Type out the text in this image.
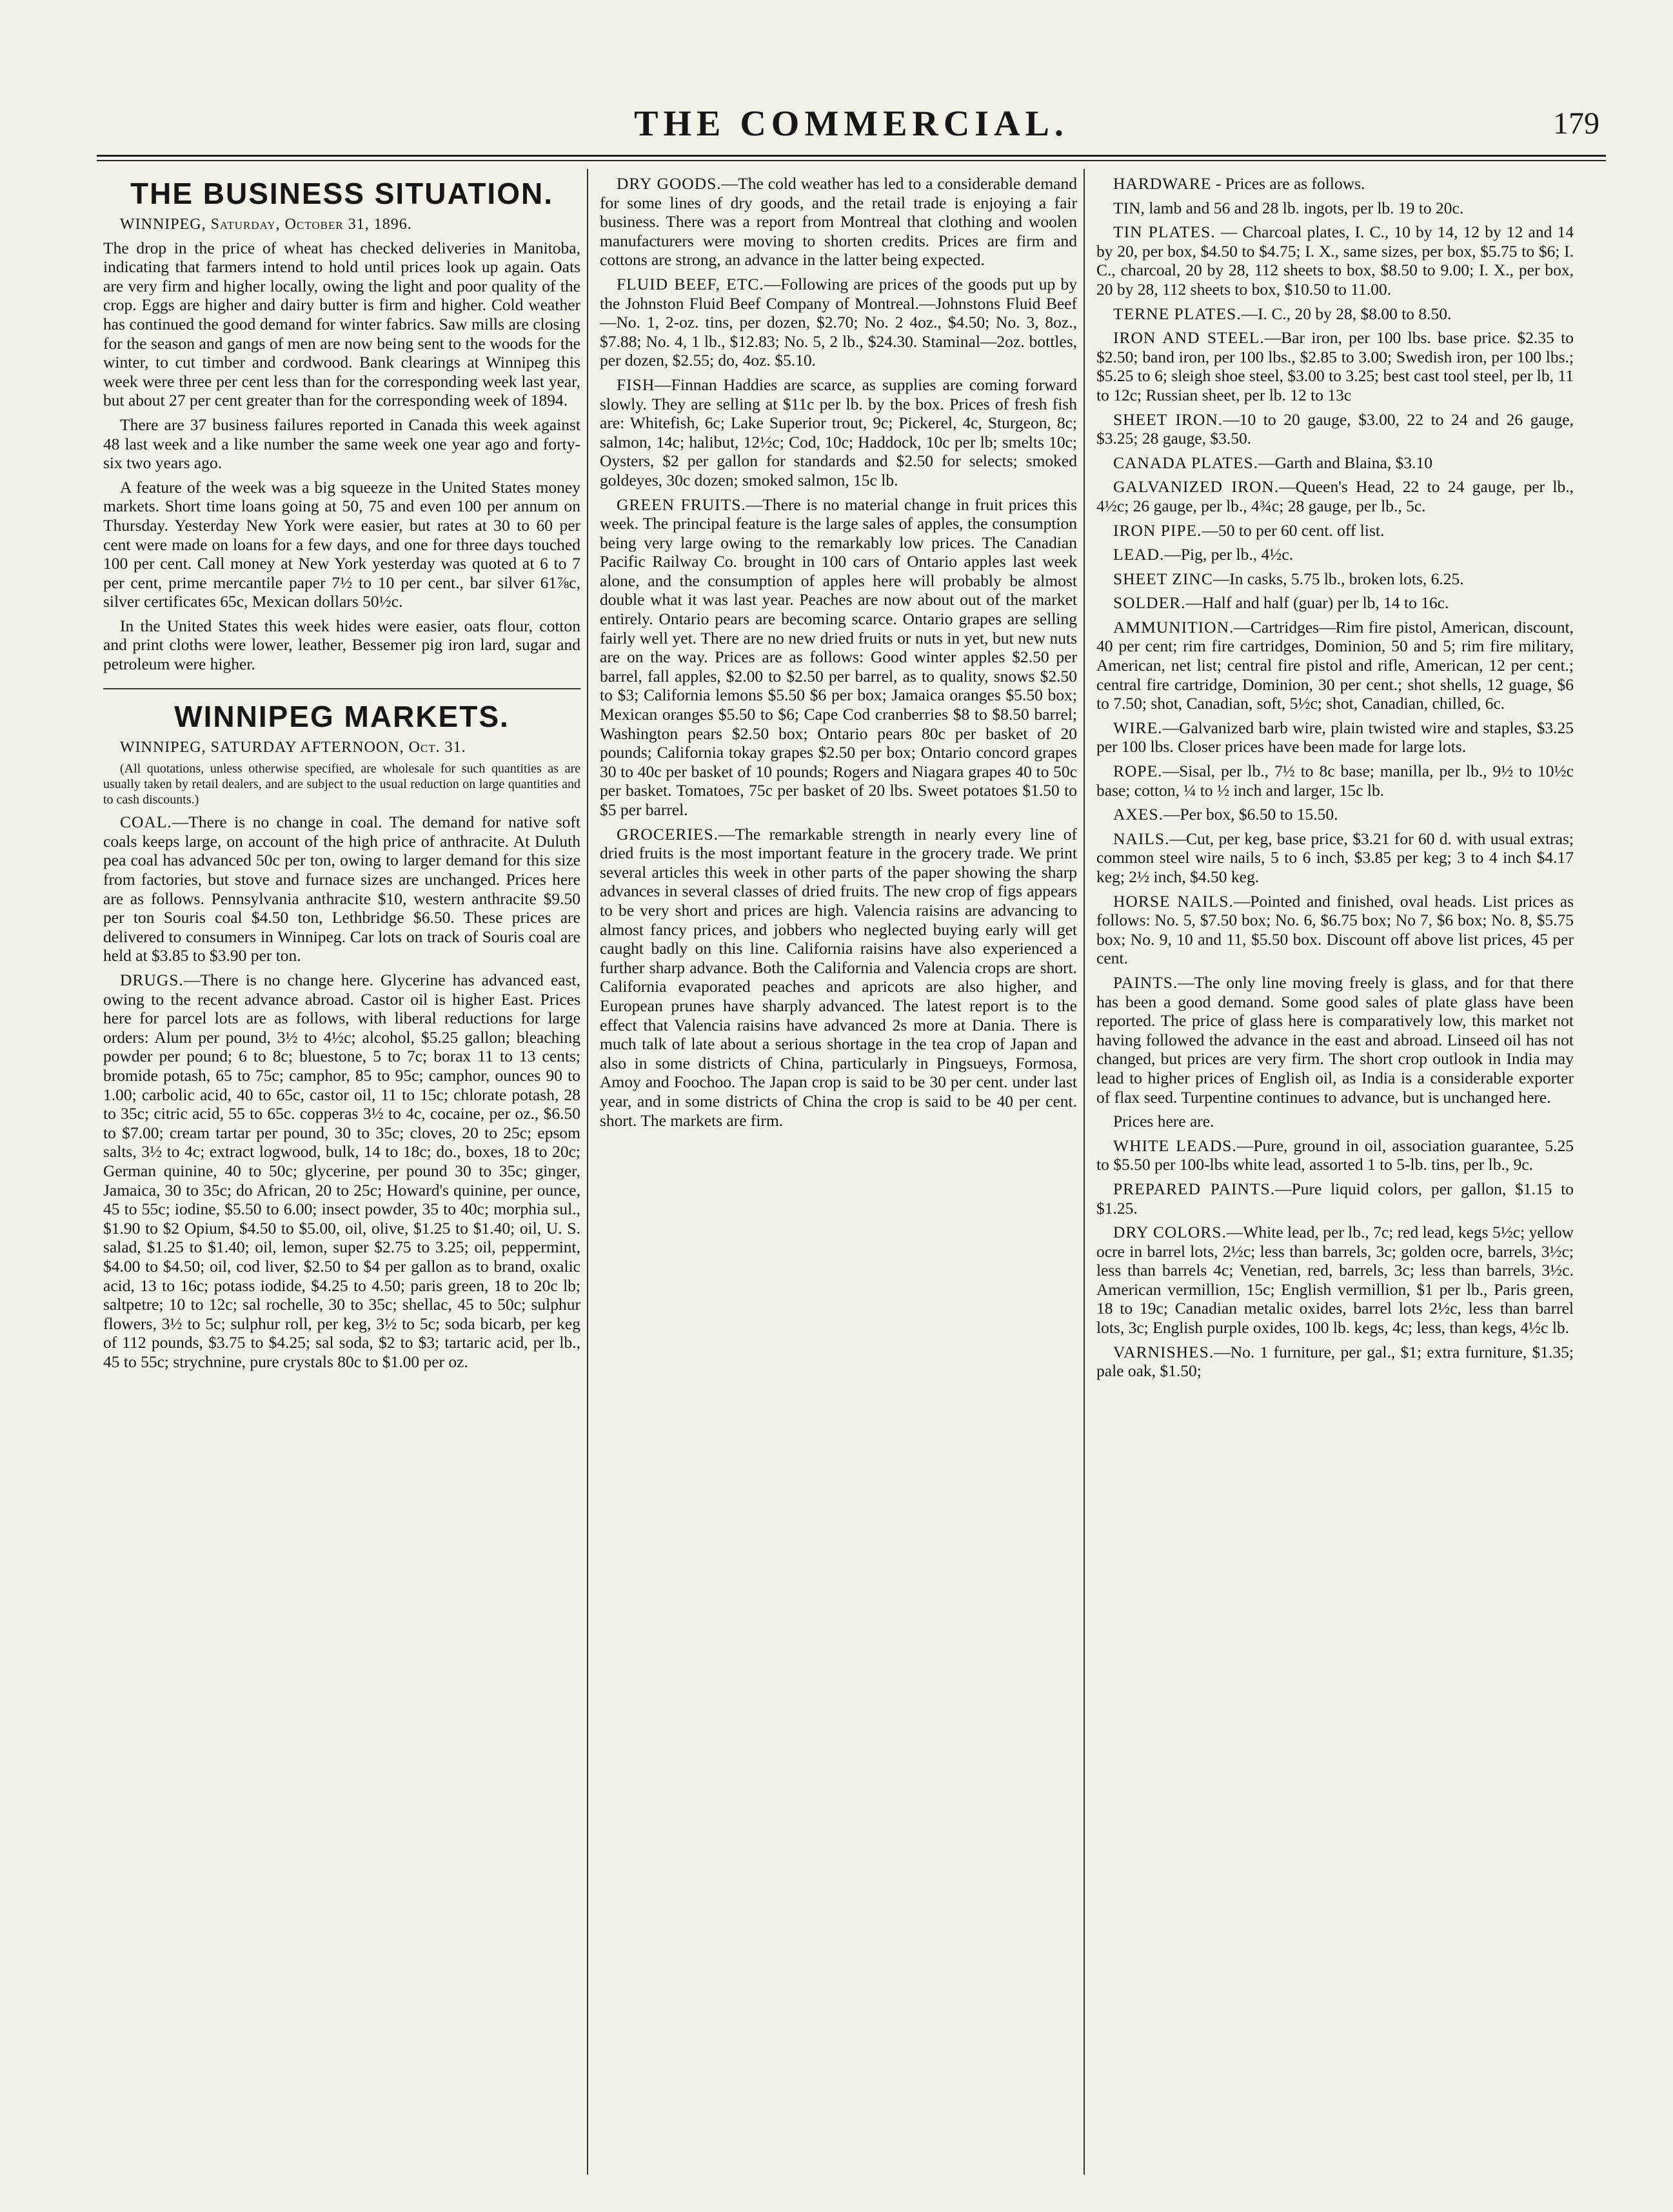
THE COMMERCIAL.	179
THE BUSINESS SITUATION.
WINNIPEG, Saturday, October 31, 1896.

The drop in the price of wheat has checked deliveries in Manitoba, indicating that farmers intend to hold until prices look up again. Oats are very firm and higher locally, owing the light and poor quality of the crop. Eggs are higher and dairy butter is firm and higher. Cold weather has continued the good demand for winter fabrics. Saw mills are closing for the season and gangs of men are now being sent to the woods for the winter, to cut timber and cordwood. Bank clearings at Winnipeg this week were three per cent less than for the corresponding week last year, but about 27 per cent greater than for the corresponding week of 1894.

There are 37 business failures reported in Canada this week against 48 last week and a like number the same week one year ago and forty-six two years ago.

A feature of the week was a big squeeze in the United States money markets. Short time loans going at 50, 75 and even 100 per annum on Thursday. Yesterday New York were easier, but rates at 30 to 60 per cent were made on loans for a few days, and one for three days touched 100 per cent. Call money at New York yesterday was quoted at 6 to 7 per cent, prime mercantile paper 7½ to 10 per cent., bar silver 61⅞c, silver certificates 65c, Mexican dollars 50½c.

In the United States this week hides were easier, oats flour, cotton and print cloths were lower, leather, Bessemer pig iron lard, sugar and petroleum were higher.

WINNIPEG MARKETS.
WINNIPEG, SATURDAY AFTERNOON, Oct. 31.

(All quotations, unless otherwise specified, are wholesale for such quantities as are usually taken by retail dealers, and are subject to the usual reduction on large quantities and to cash discounts.)

COAL.—There is no change in coal. The demand for native soft coals keeps large, on account of the high price of anthracite. At Duluth pea coal has advanced 50c per ton, owing to larger demand for this size from factories, but stove and furnace sizes are unchanged. Prices here are as follows. Pennsylvania anthracite $10, western anthracite $9.50 per ton Souris coal $4.50 ton, Lethbridge $6.50. These prices are delivered to consumers in Winnipeg. Car lots on track of Souris coal are held at $3.85 to $3.90 per ton.

DRUGS.—There is no change here. Glycerine has advanced east, owing to the recent advance abroad. Castor oil is higher East. Prices here for parcel lots are as follows, with liberal reductions for large orders: Alum per pound, 3½ to 4½c; alcohol, $5.25 gallon; bleaching powder per pound; 6 to 8c; bluestone, 5 to 7c; borax 11 to 13 cents; bromide potash, 65 to 75c; camphor, 85 to 95c; camphor, ounces 90 to 1.00; carbolic acid, 40 to 65c, castor oil, 11 to 15c; chlorate potash, 28 to 35c; citric acid, 55 to 65c. copperas 3½ to 4c, cocaine, per oz., $6.50 to $7.00; cream tartar per pound, 30 to 35c; cloves, 20 to 25c; epsom salts, 3½ to 4c; extract logwood, bulk, 14 to 18c; do., boxes, 18 to 20c; German quinine, 40 to 50c; glycerine, per pound 30 to 35c; ginger, Jamaica, 30 to 35c; do African, 20 to 25c; Howard's quinine, per ounce, 45 to 55c; iodine, $5.50 to 6.00; insect powder, 35 to 40c; morphia sul., $1.90 to $2 Opium, $4.50 to $5.00, oil, olive, $1.25 to $1.40; oil, U. S. salad, $1.25 to $1.40; oil, lemon, super $2.75 to 3.25; oil, peppermint, $4.00 to $4.50; oil, cod liver, $2.50 to $4 per gallon as to brand, oxalic acid, 13 to 16c; potass iodide, $4.25 to 4.50; paris green, 18 to 20c lb; saltpetre; 10 to 12c; sal rochelle, 30 to 35c; shellac, 45 to 50c; sulphur flowers, 3½ to 5c; sulphur roll, per keg, 3½ to 5c; soda bicarb, per keg of 112 pounds, $3.75 to $4.25; sal soda, $2 to $3; tartaric acid, per lb., 45 to 55c; strychnine, pure crystals 80c to $1.00 per oz.

DRY GOODS.—The cold weather has led to a considerable demand for some lines of dry goods, and the retail trade is enjoying a fair business. There was a report from Montreal that clothing and woolen manufacturers were moving to shorten credits. Prices are firm and cottons are strong, an advance in the latter being expected.

FLUID BEEF, ETC.—Following are prices of the goods put up by the Johnston Fluid Beef Company of Montreal.—Johnstons Fluid Beef—No. 1, 2-oz. tins, per dozen, $2.70; No. 2 4oz., $4.50; No. 3, 8oz., $7.88; No. 4, 1 lb., $12.83; No. 5, 2 lb., $24.30. Staminal—2oz. bottles, per dozen, $2.55; do, 4oz. $5.10.

FISH—Finnan Haddies are scarce, as supplies are coming forward slowly. They are selling at $11c per lb. by the box. Prices of fresh fish are: Whitefish, 6c; Lake Superior trout, 9c; Pickerel, 4c, Sturgeon, 8c; salmon, 14c; halibut, 12½c; Cod, 10c; Haddock, 10c per lb; smelts 10c; Oysters, $2 per gallon for standards and $2.50 for selects; smoked goldeyes, 30c dozen; smoked salmon, 15c lb.

GREEN FRUITS.—There is no material change in fruit prices this week. The principal feature is the large sales of apples, the consumption being very large owing to the remarkably low prices. The Canadian Pacific Railway Co. brought in 100 cars of Ontario apples last week alone, and the consumption of apples here will probably be almost double what it was last year. Peaches are now about out of the market entirely. Ontario pears are becoming scarce. Ontario grapes are selling fairly well yet. There are no new dried fruits or nuts in yet, but new nuts are on the way. Prices are as follows: Good winter apples $2.50 per barrel, fall apples, $2.00 to $2.50 per barrel, as to quality, snows $2.50 to $3; California lemons $5.50 $6 per box; Jamaica oranges $5.50 box; Mexican oranges $5.50 to $6; Cape Cod cranberries $8 to $8.50 barrel; Washington pears $2.50 box; Ontario pears 80c per basket of 20 pounds; California tokay grapes $2.50 per box; Ontario concord grapes 30 to 40c per basket of 10 pounds; Rogers and Niagara grapes 40 to 50c per basket. Tomatoes, 75c per basket of 20 lbs. Sweet potatoes $1.50 to $5 per barrel.

GROCERIES.—The remarkable strength in nearly every line of dried fruits is the most important feature in the grocery trade. We print several articles this week in other parts of the paper showing the sharp advances in several classes of dried fruits. The new crop of figs appears to be very short and prices are high. Valencia raisins are advancing to almost fancy prices, and jobbers who neglected buying early will get caught badly on this line. California raisins have also experienced a further sharp advance. Both the California and Valencia crops are short. California evaporated peaches and apricots are also higher, and European prunes have sharply advanced. The latest report is to the effect that Valencia raisins have advanced 2s more at Dania. There is much talk of late about a serious shortage in the tea crop of Japan and also in some districts of China, particularly in Pingsueys, Formosa, Amoy and Foochoo. The Japan crop is said to be 30 per cent. under last year, and in some districts of China the crop is said to be 40 per cent. short. The markets are firm.

HARDWARE - Prices are as follows.

TIN, lamb and 56 and 28 lb. ingots, per lb. 19 to 20c.

TIN PLATES. — Charcoal plates, I. C., 10 by 14, 12 by 12 and 14 by 20, per box, $4.50 to $4.75; I. X., same sizes, per box, $5.75 to $6; I. C., charcoal, 20 by 28, 112 sheets to box, $8.50 to 9.00; I. X., per box, 20 by 28, 112 sheets to box, $10.50 to 11.00.

TERNE PLATES.—I. C., 20 by 28, $8.00 to 8.50.

IRON AND STEEL.—Bar iron, per 100 lbs. base price. $2.35 to $2.50; band iron, per 100 lbs., $2.85 to 3.00; Swedish iron, per 100 lbs.; $5.25 to 6; sleigh shoe steel, $3.00 to 3.25; best cast tool steel, per lb, 11 to 12c; Russian sheet, per lb. 12 to 13c

SHEET IRON.—10 to 20 gauge, $3.00, 22 to 24 and 26 gauge, $3.25; 28 gauge, $3.50.

CANADA PLATES.—Garth and Blaina, $3.10

GALVANIZED IRON.—Queen's Head, 22 to 24 gauge, per lb., 4½c; 26 gauge, per lb., 4¾c; 28 gauge, per lb., 5c.

IRON PIPE.—50 to per 60 cent. off list.

LEAD.—Pig, per lb., 4½c.

SHEET ZINC—In casks, 5.75 lb., broken lots, 6.25.

SOLDER.—Half and half (guar) per lb, 14 to 16c.

AMMUNITION.—Cartridges—Rim fire pistol, American, discount, 40 per cent; rim fire cartridges, Dominion, 50 and 5; rim fire military, American, net list; central fire pistol and rifle, American, 12 per cent.; central fire cartridge, Dominion, 30 per cent.; shot shells, 12 guage, $6 to 7.50; shot, Canadian, soft, 5½c; shot, Canadian, chilled, 6c.

WIRE.—Galvanized barb wire, plain twisted wire and staples, $3.25 per 100 lbs. Closer prices have been made for large lots.

ROPE.—Sisal, per lb., 7½ to 8c base; manilla, per lb., 9½ to 10½c base; cotton, ¼ to ½ inch and larger, 15c lb.

AXES.—Per box, $6.50 to 15.50.

NAILS.—Cut, per keg, base price, $3.21 for 60 d. with usual extras; common steel wire nails, 5 to 6 inch, $3.85 per keg; 3 to 4 inch $4.17 keg; 2½ inch, $4.50 keg.

HORSE NAILS.—Pointed and finished, oval heads. List prices as follows: No. 5, $7.50 box; No. 6, $6.75 box; No 7, $6 box; No. 8, $5.75 box; No. 9, 10 and 11, $5.50 box. Discount off above list prices, 45 per cent.

PAINTS.—The only line moving freely is glass, and for that there has been a good demand. Some good sales of plate glass have been reported. The price of glass here is comparatively low, this market not having followed the advance in the east and abroad. Linseed oil has not changed, but prices are very firm. The short crop outlook in India may lead to higher prices of English oil, as India is a considerable exporter of flax seed. Turpentine continues to advance, but is unchanged here.

Prices here are.

WHITE LEADS.—Pure, ground in oil, association guarantee, 5.25 to $5.50 per 100-lbs white lead, assorted 1 to 5-lb. tins, per lb., 9c.

PREPARED PAINTS.—Pure liquid colors, per gallon, $1.15 to $1.25.

DRY COLORS.—White lead, per lb., 7c; red lead, kegs 5½c; yellow ocre in barrel lots, 2½c; less than barrels, 3c; golden ocre, barrels, 3½c; less than barrels 4c; Venetian, red, barrels, 3c; less than barrels, 3½c. American vermillion, 15c; English vermillion, $1 per lb., Paris green, 18 to 19c; Canadian metalic oxides, barrel lots 2½c, less than barrel lots, 3c; English purple oxides, 100 lb. kegs, 4c; less, than kegs, 4½c lb.

VARNISHES.—No. 1 furniture, per gal., $1; extra furniture, $1.35; pale oak, $1.50;
